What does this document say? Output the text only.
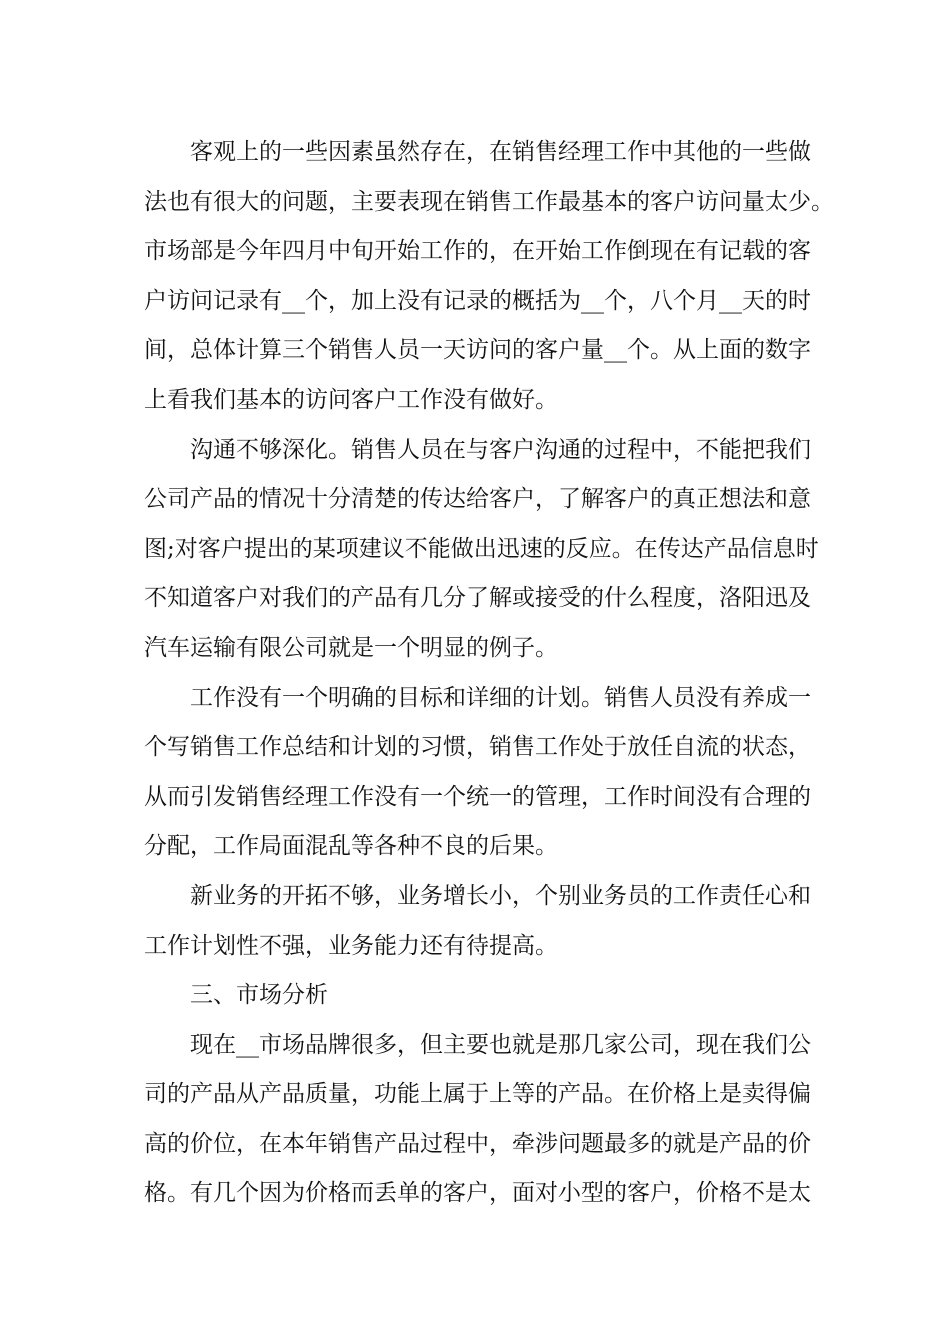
客观上的一些因素虽然存在，在销售经理工作中其他的一些做
法也有很大的问题，主要表现在销售工作最基本的客户访问量太少。
市场部是今年四月中旬开始工作的，在开始工作倒现在有记载的客
户访问记录有__个，加上没有记录的概括为__个，八个月__天的时
间，总体计算三个销售人员一天访问的客户量__个。从上面的数字
上看我们基本的访问客户工作没有做好。
沟通不够深化。销售人员在与客户沟通的过程中，不能把我们
公司产品的情况十分清楚的传达给客户，了解客户的真正想法和意
图;对客户提出的某项建议不能做出迅速的反应。在传达产品信息时
不知道客户对我们的产品有几分了解或接受的什么程度，洛阳迅及
汽车运输有限公司就是一个明显的例子。
工作没有一个明确的目标和详细的计划。销售人员没有养成一
个写销售工作总结和计划的习惯，销售工作处于放任自流的状态，
从而引发销售经理工作没有一个统一的管理，工作时间没有合理的
分配，工作局面混乱等各种不良的后果。
新业务的开拓不够，业务增长小，个别业务员的工作责任心和
工作计划性不强，业务能力还有待提高。
三、市场分析
现在__市场品牌很多，但主要也就是那几家公司，现在我们公
司的产品从产品质量，功能上属于上等的产品。在价格上是卖得偏
高的价位，在本年销售产品过程中，牵涉问题最多的就是产品的价
格。有几个因为价格而丢单的客户，面对小型的客户，价格不是太
